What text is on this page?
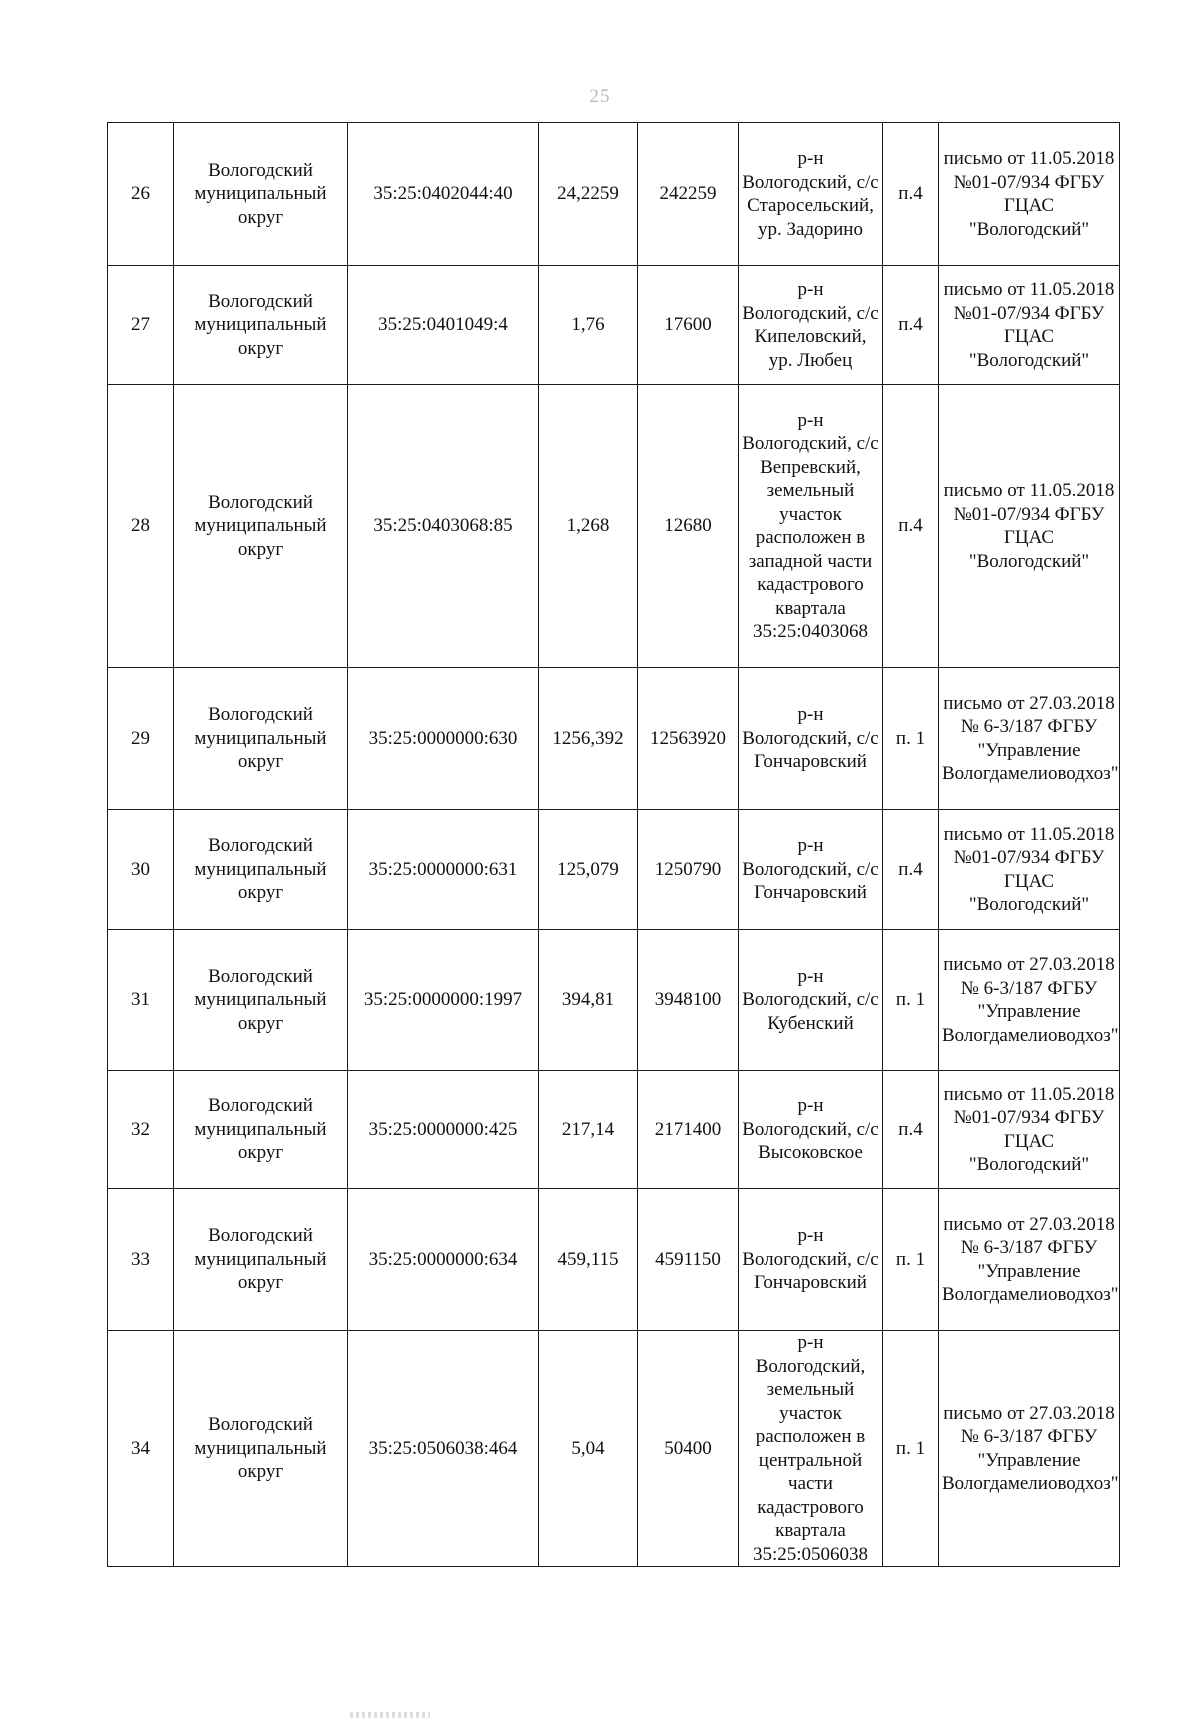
25
26	Вологодский муниципальный округ	35:25:0402044:40	24,2259	242259	р-н Вологодский, с/с Старосельский, ур. Задорино	п.4	письмо от 11.05.2018 №01-07/934 ФГБУ ГЦАС "Вологодский"
27	Вологодский муниципальный округ	35:25:0401049:4	1,76	17600	р-н Вологодский, с/с Кипеловский, ур. Любец	п.4	письмо от 11.05.2018 №01-07/934 ФГБУ ГЦАС "Вологодский"
28	Вологодский муниципальный округ	35:25:0403068:85	1,268	12680	р-н Вологодский, с/с Вепревский, земельный участок расположен в западной части кадастрового квартала 35:25:0403068	п.4	письмо от 11.05.2018 №01-07/934 ФГБУ ГЦАС "Вологодский"
29	Вологодский муниципальный округ	35:25:0000000:630	1256,392	12563920	р-н Вологодский, с/с Гончаровский	п. 1	письмо от 27.03.2018 № 6-3/187 ФГБУ "Управление Вологдамелиоводхоз"
30	Вологодский муниципальный округ	35:25:0000000:631	125,079	1250790	р-н Вологодский, с/с Гончаровский	п.4	письмо от 11.05.2018 №01-07/934 ФГБУ ГЦАС "Вологодский"
31	Вологодский муниципальный округ	35:25:0000000:1997	394,81	3948100	р-н Вологодский, с/с Кубенский	п. 1	письмо от 27.03.2018 № 6-3/187 ФГБУ "Управление Вологдамелиоводхоз"
32	Вологодский муниципальный округ	35:25:0000000:425	217,14	2171400	р-н Вологодский, с/с Высоковское	п.4	письмо от 11.05.2018 №01-07/934 ФГБУ ГЦАС "Вологодский"
33	Вологодский муниципальный округ	35:25:0000000:634	459,115	4591150	р-н Вологодский, с/с Гончаровский	п. 1	письмо от 27.03.2018 № 6-3/187 ФГБУ "Управление Вологдамелиоводхоз"
34	Вологодский муниципальный округ	35:25:0506038:464	5,04	50400	р-н Вологодский, земельный участок расположен в центральной части кадастрового квартала 35:25:0506038	п. 1	письмо от 27.03.2018 № 6-3/187 ФГБУ "Управление Вологдамелиоводхоз"
